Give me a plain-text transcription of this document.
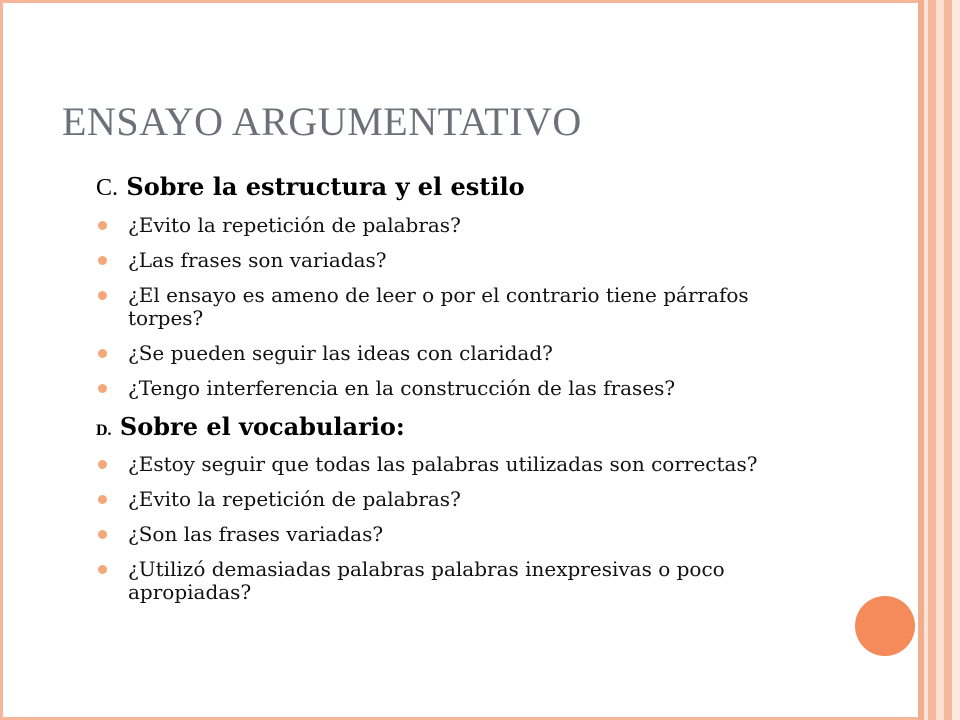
ENSAYO ARGUMENTATIVO
C. Sobre la estructura y el estilo
¿Evito la repetición de palabras?
¿Las frases son variadas?
¿El ensayo es ameno de leer o por el contrario tiene párrafos torpes?
¿Se pueden seguir las ideas con claridad?
¿Tengo interferencia en la construcción de las frases?
D. Sobre el vocabulario:
¿Estoy seguir que todas las palabras utilizadas son correctas?
¿Evito la repetición de palabras?
¿Son las frases variadas?
¿Utilizó demasiadas palabras palabras inexpresivas o poco apropiadas?
